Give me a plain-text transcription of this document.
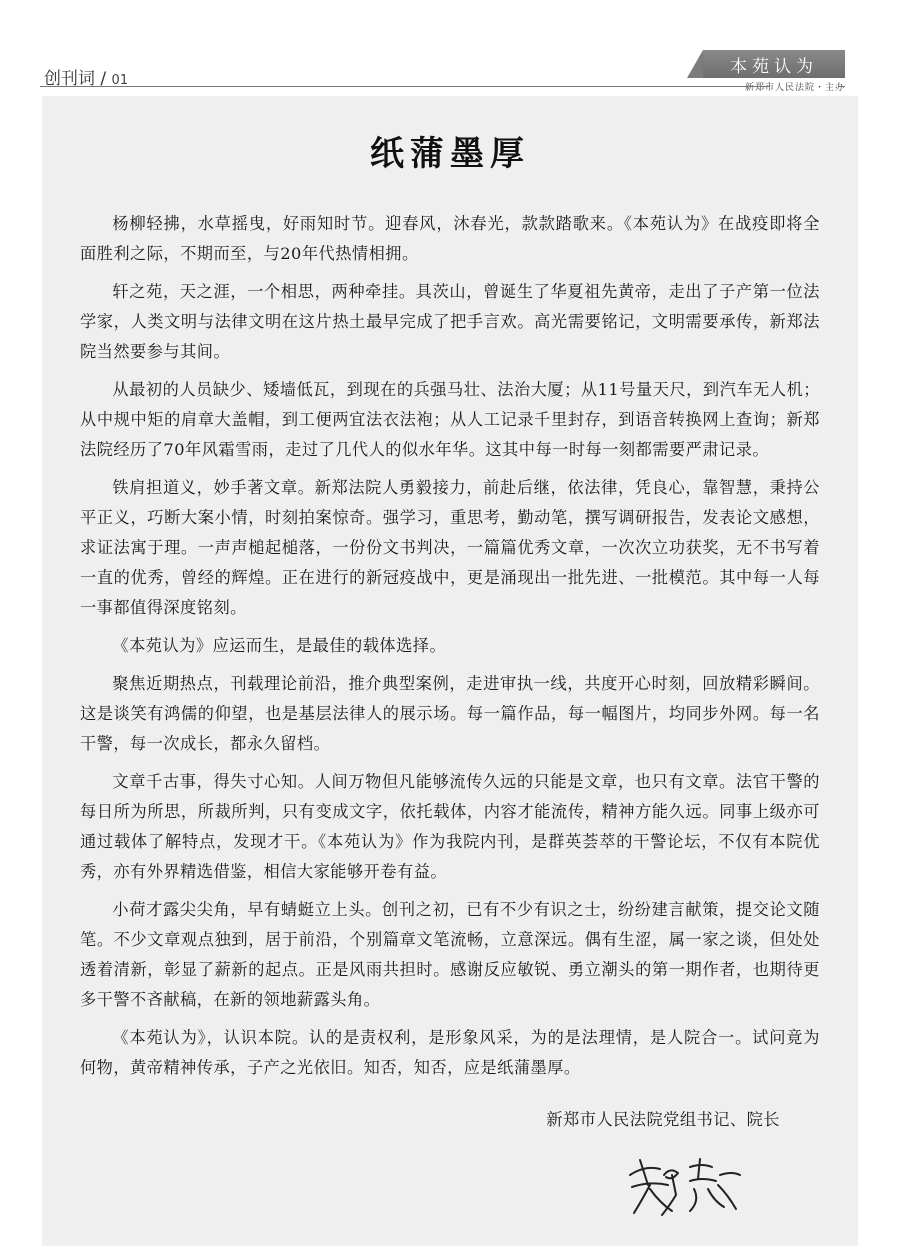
创刊词 / 01
本苑认为
新郑市人民法院・主办
纸蒲墨厚

杨柳轻拂，水草摇曳，好雨知时节。迎春风，沐春光，款款踏歌来。《本苑认为》在战疫即将全面胜利之际，不期而至，与20年代热情相拥。

轩之苑，天之涯，一个相思，两种牵挂。具茨山，曾诞生了华夏祖先黄帝，走出了子产第一位法学家，人类文明与法律文明在这片热土最早完成了把手言欢。高光需要铭记，文明需要承传，新郑法院当然要参与其间。

从最初的人员缺少、矮墙低瓦，到现在的兵强马壮、法治大厦；从11号量天尺，到汽车无人机；从中规中矩的肩章大盖帽，到工便两宜法衣法袍；从人工记录千里封存，到语音转换网上查询；新郑法院经历了70年风霜雪雨，走过了几代人的似水年华。这其中每一时每一刻都需要严肃记录。

铁肩担道义，妙手著文章。新郑法院人勇毅接力，前赴后继，依法律，凭良心，靠智慧，秉持公平正义，巧断大案小情，时刻拍案惊奇。强学习，重思考，勤动笔，撰写调研报告，发表论文感想，求证法寓于理。一声声槌起槌落，一份份文书判决，一篇篇优秀文章，一次次立功获奖，无不书写着一直的优秀，曾经的辉煌。正在进行的新冠疫战中，更是涌现出一批先进、一批模范。其中每一人每一事都值得深度铭刻。

《本苑认为》应运而生，是最佳的载体选择。

聚焦近期热点，刊载理论前沿，推介典型案例，走进审执一线，共度开心时刻，回放精彩瞬间。这是谈笑有鸿儒的仰望，也是基层法律人的展示场。每一篇作品，每一幅图片，均同步外网。每一名干警，每一次成长，都永久留档。

文章千古事，得失寸心知。人间万物但凡能够流传久远的只能是文章，也只有文章。法官干警的每日所为所思，所裁所判，只有变成文字，依托载体，内容才能流传，精神方能久远。同事上级亦可通过载体了解特点，发现才干。《本苑认为》作为我院内刊，是群英荟萃的干警论坛，不仅有本院优秀，亦有外界精选借鉴，相信大家能够开卷有益。

小荷才露尖尖角，早有蜻蜓立上头。创刊之初，已有不少有识之士，纷纷建言献策，提交论文随笔。不少文章观点独到，居于前沿，个别篇章文笔流畅，立意深远。偶有生涩，属一家之谈，但处处透着清新，彰显了薪新的起点。正是风雨共担时。感谢反应敏锐、勇立潮头的第一期作者，也期待更多干警不吝献稿，在新的领地薪露头角。

《本苑认为》，认识本院。认的是责权利，是形象风采，为的是法理情，是人院合一。试问竟为何物，黄帝精神传承，子产之光依旧。知否，知否，应是纸蒲墨厚。

新郑市人民法院党组书记、院长
